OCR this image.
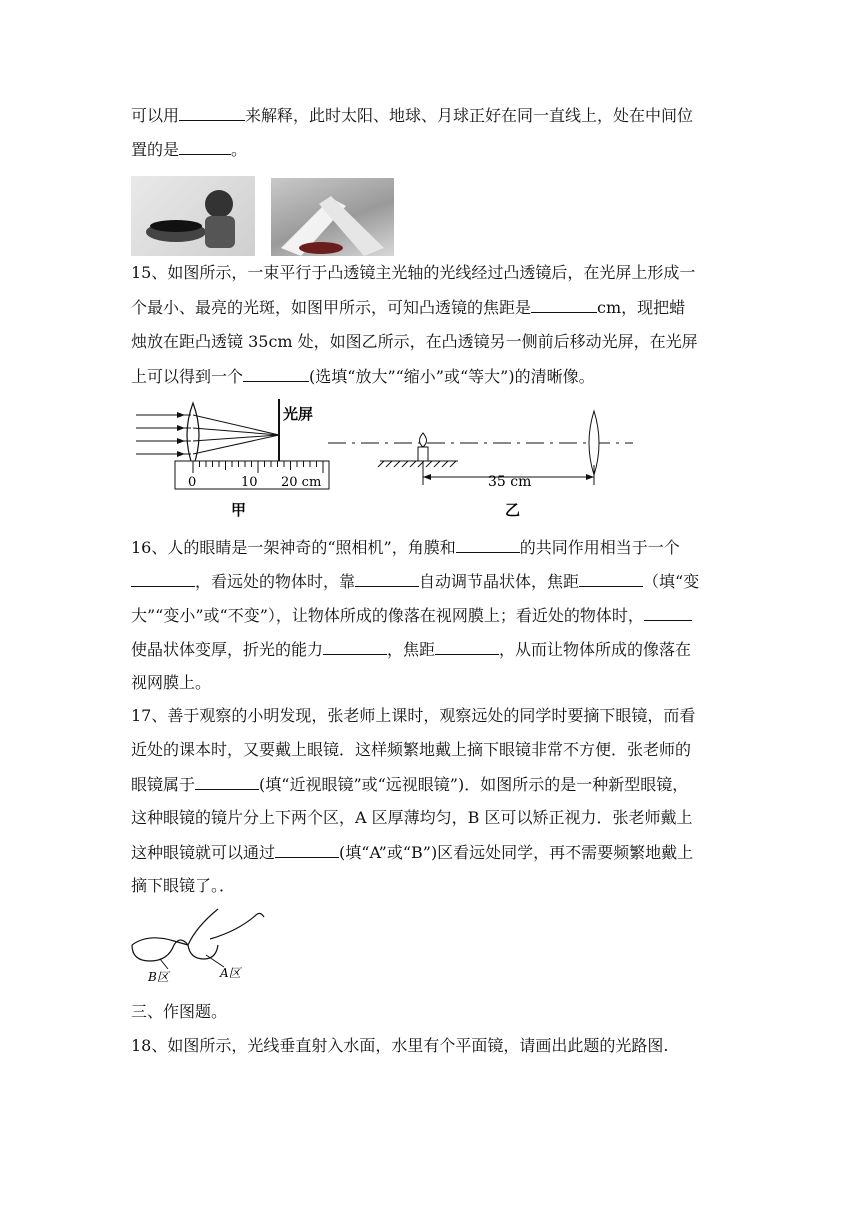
可以用	来解释，此时太阳、地球、月球正好在同一直线上，处在中间位
置的是	。
15、如图所示，一束平行于凸透镜主光轴的光线经过凸透镜后，在光屏上形成一
个最小、最亮的光斑，如图甲所示，可知凸透镜的焦距是	cm，现把蜡
烛放在距凸透镜 35cm 处，如图乙所示，在凸透镜另一侧前后移动光屏，在光屏
上可以得到一个	(选填“放大”“缩小”或“等大”)的清晰像。
光屏
0	10 20 cm
甲
35 cm
乙
16、人的眼睛是一架神奇的“照相机”，角膜和	的共同作用相当于一个
，看远处的物体时，靠	自动调节晶状体，焦距	（填“变
大”“变小”或“不变”），让物体所成的像落在视网膜上；看近处的物体时，
使晶状体变厚，折光的能力	，焦距	，从而让物体所成的像落在
视网膜上。
17、善于观察的小明发现，张老师上课时，观察远处的同学时要摘下眼镜，而看
近处的课本时，又要戴上眼镜．这样频繁地戴上摘下眼镜非常不方便．张老师的
眼镜属于	(填“近视眼镜”或“远视眼镜”)．如图所示的是一种新型眼镜，
这种眼镜的镜片分上下两个区，A 区厚薄均匀，B 区可以矫正视力．张老师戴上
这种眼镜就可以通过	(填“A”或“B”)区看远处同学，再不需要频繁地戴上
摘下眼镜了。．
B区	A区
三、作图题。
18、如图所示，光线垂直射入水面，水里有个平面镜，请画出此题的光路图.
